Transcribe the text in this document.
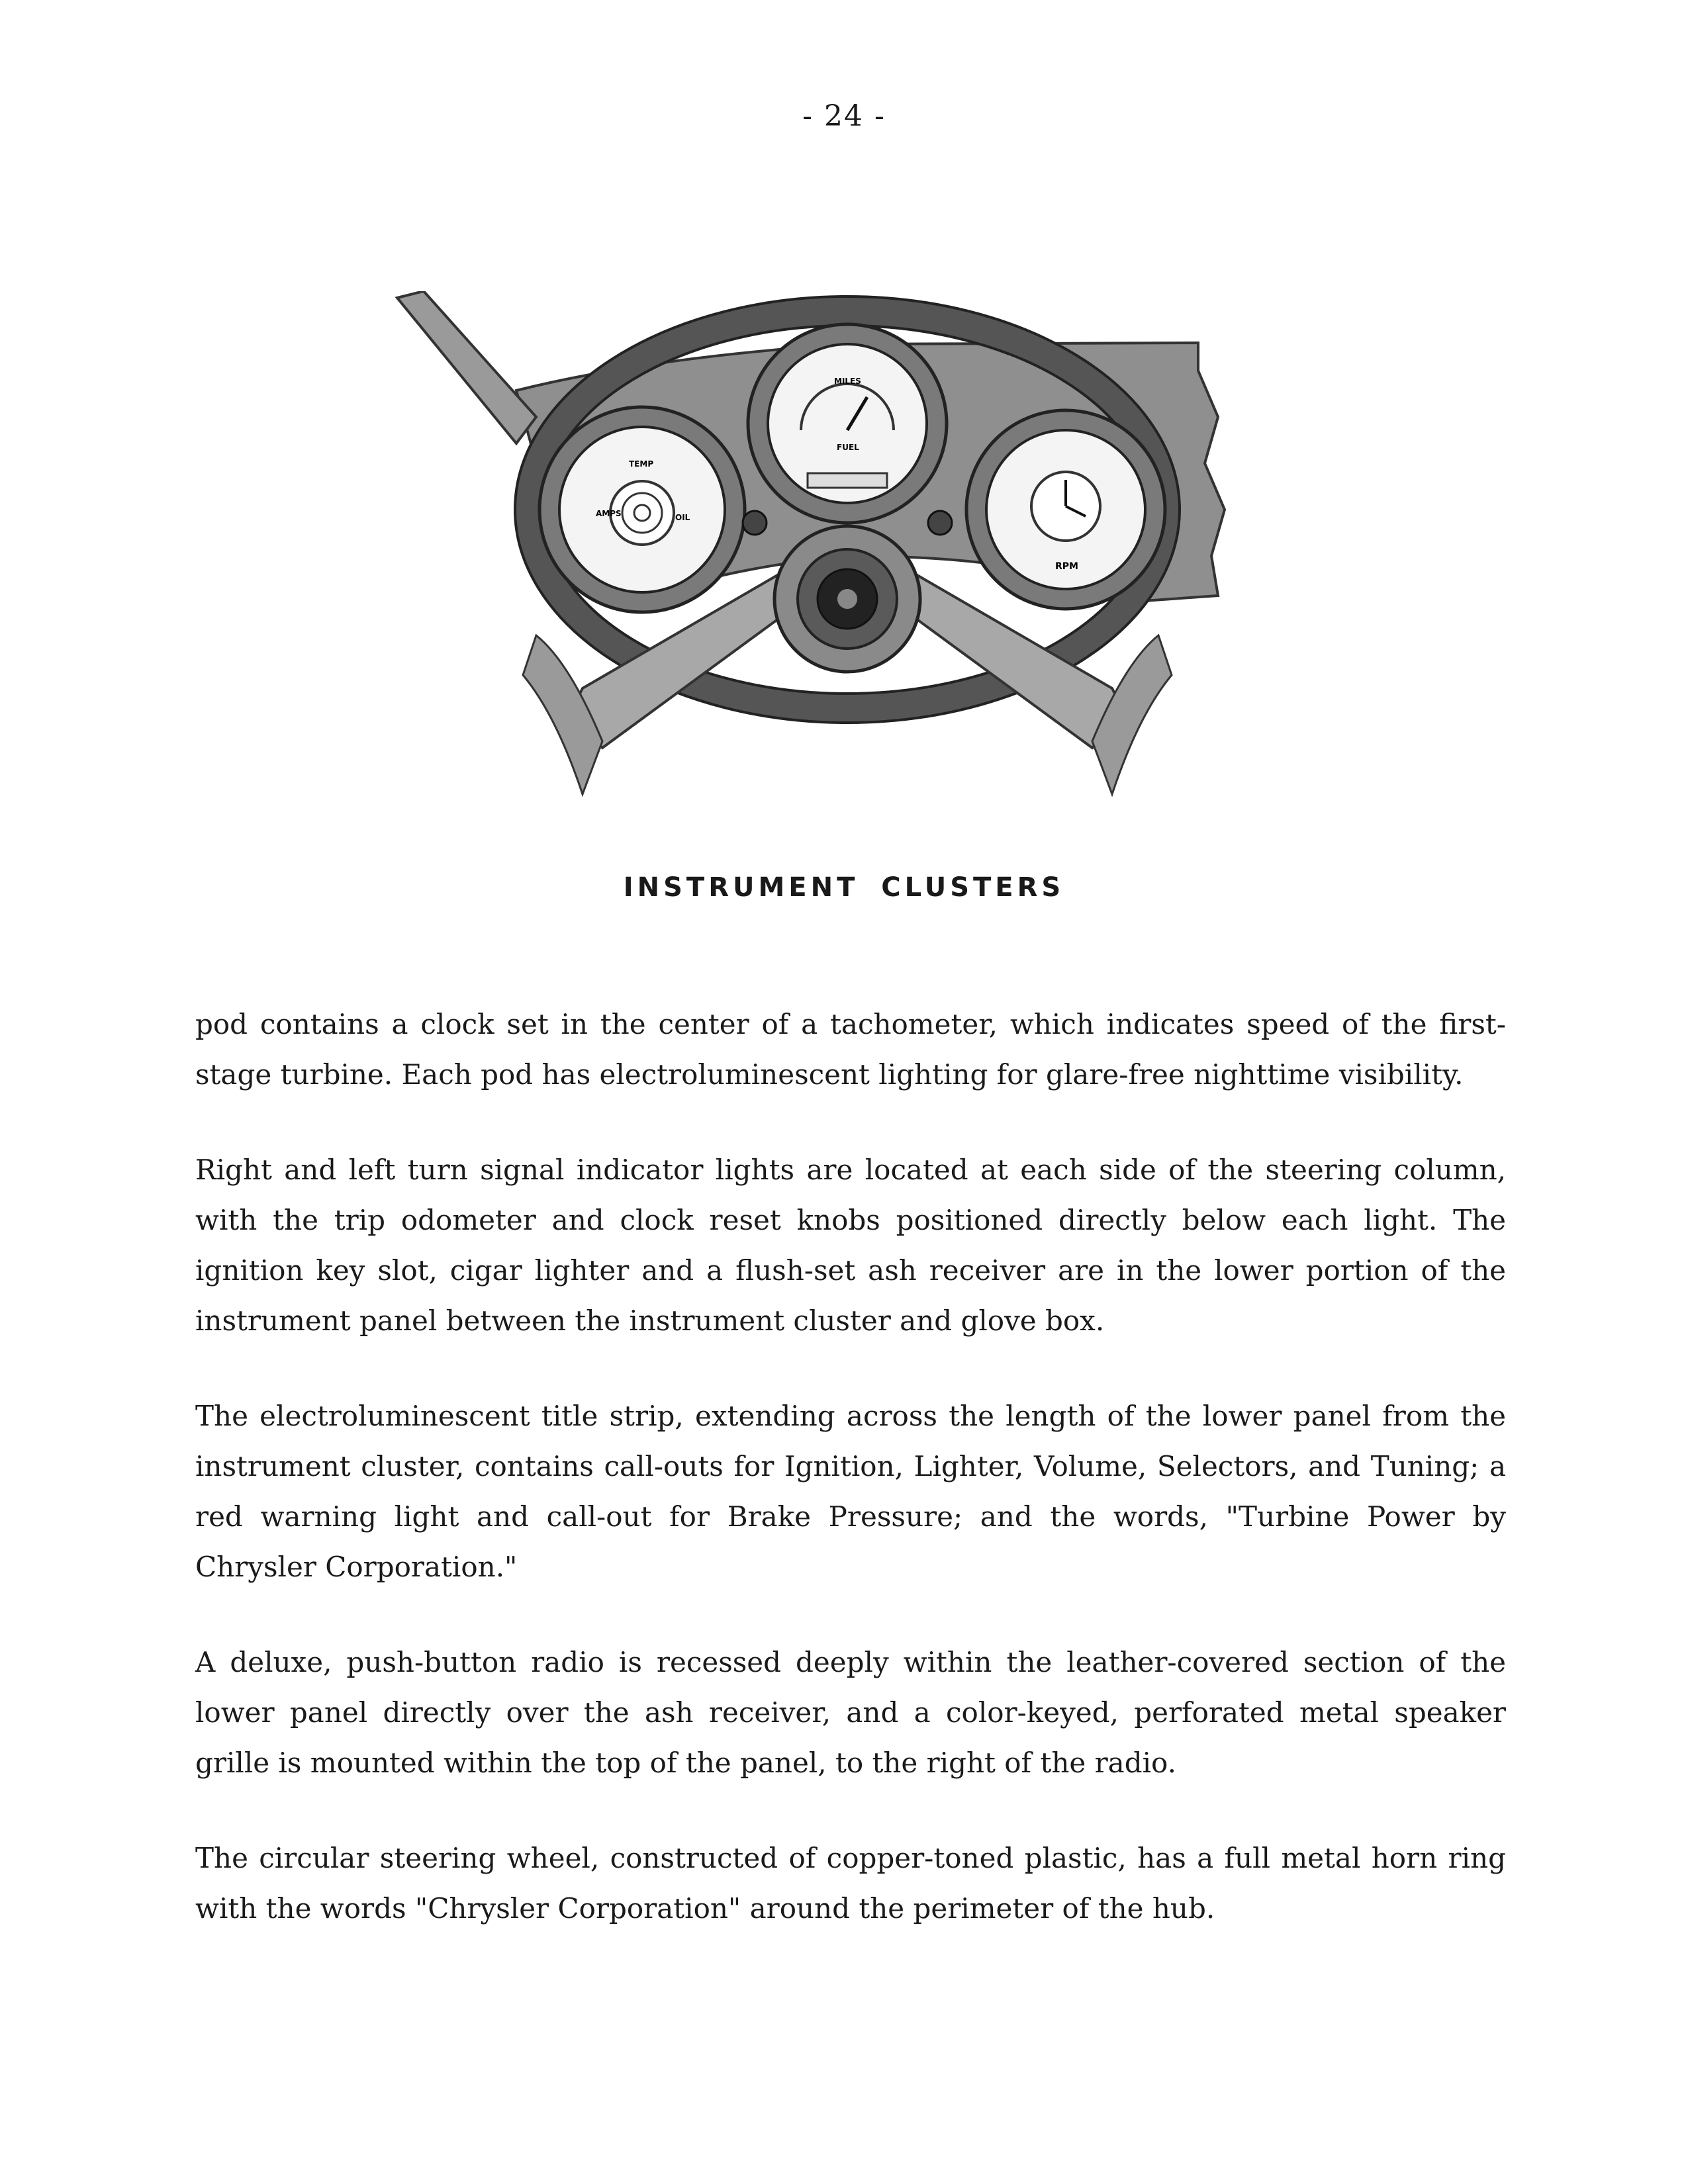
- 24 -
AMPS	OIL
TEMP
MILES
FUEL
RPM
INSTRUMENT CLUSTERS

pod contains a clock set in the center of a tachometer, which indicates speed of the first-stage turbine. Each pod has electroluminescent lighting for glare-free nighttime visibility.

Right and left turn signal indicator lights are located at each side of the steering column, with the trip odometer and clock reset knobs positioned directly below each light. The ignition key slot, cigar lighter and a flush-set ash receiver are in the lower portion of the instrument panel between the instrument cluster and glove box.

The electroluminescent title strip, extending across the length of the lower panel from the instrument cluster, contains call-outs for Ignition, Lighter, Volume, Selectors, and Tuning; a red warning light and call-out for Brake Pressure; and the words, "Turbine Power by Chrysler Corporation."

A deluxe, push-button radio is recessed deeply within the leather-covered section of the lower panel directly over the ash receiver, and a color-keyed, perforated metal speaker grille is mounted within the top of the panel, to the right of the radio.

The circular steering wheel, constructed of copper-toned plastic, has a full metal horn ring with the words "Chrysler Corporation" around the perimeter of the hub.
